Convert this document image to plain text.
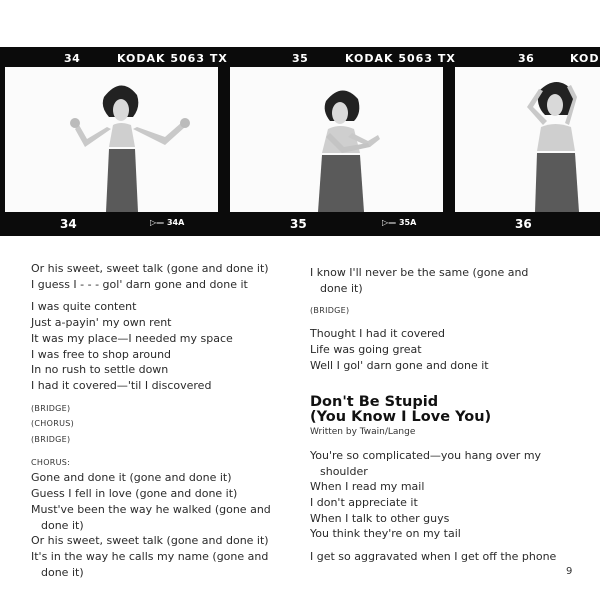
34	KODAK 5063 TX	35	KODAK 5063 TX	36	KOD
34	▷— 34A	35	▷— 35A	36
Or his sweet, sweet talk (gone and done it)
I guess I - - - gol' darn gone and done it
I was quite content
Just a-payin' my own rent
It was my place—I needed my space
I was free to shop around
In no rush to settle down
I had it covered—'til I discovered
(BRIDGE)
(CHORUS)
(BRIDGE)
CHORUS:
Gone and done it (gone and done it)
Guess I fell in love (gone and done it)
Must've been the way he walked (gone and
done it)
Or his sweet, sweet talk (gone and done it)
It's in the way he calls my name (gone and
done it)
I know I'll never be the same (gone and
done it)
(BRIDGE)
Thought I had it covered
Life was going great
Well I gol' darn gone and done it
Don't Be Stupid
(You Know I Love You)
Written by Twain/Lange
You're so complicated—you hang over my
shoulder
When I read my mail
I don't appreciate it
When I talk to other guys
You think they're on my tail
I get so aggravated when I get off the phone
9
